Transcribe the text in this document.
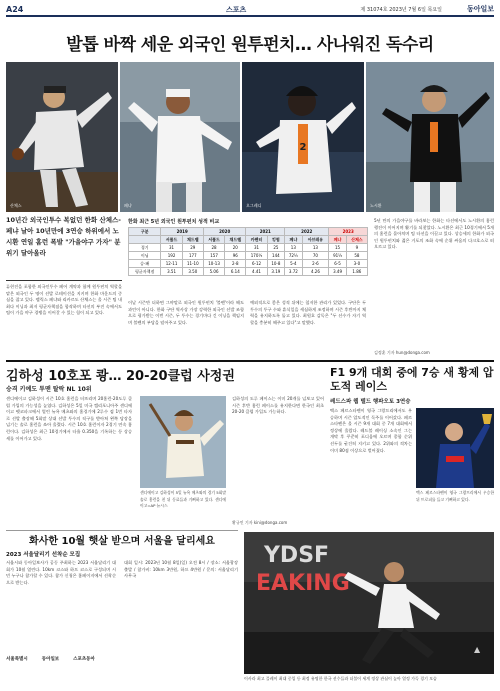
A24	스포츠	제 31074호 2023년 7월 6일 목요일	동아일보
발톱 바짝 세운 외국인 원투펀치… 사나워진 독수리
산체스	페냐
2
오그레디	노시환
10년간 외국인투수 복없던 한화 산체스-페냐 날아 10년만에 3연승 하위에서 노시환 연일 홈런 폭발 "가을야구 가자" 분위기 달아올라
류현진을 포함한 외국인투수 페어 계약과 함께 원투펀치 역할을 맡은 외국인 두 명이 선발 로테이션을 지키며 한화 마운드의 중심을 잡고 있다. 펠릭스 페냐와 리카르도 산체스는 올 시즌 팀 내 최다 이닝과 최저 평균자책점을 합작하며 타선의 부진 속에서도 팀이 가을 야구 경쟁을 이어갈 수 있는 힘이 되고 있다.
한화 최근 5년 외국인 원투펀치 성적 비교
구분	2019		2020		2021		2022		2023	
	서폴드	채드벨	서폴드	채드벨	카펜터	킹험	페냐	아브레유	페냐	산체스
경기	31	29	28	20	31	25	13	13	15	9
이닝	192	177	157	96	170⅓	144	72⅓	70	91⅓	58
승-패	12-11	11-10	10-13	2-8	6-12	10-8	5-4	2-6	6-5	3-0
평균자책점	3.51	3.50	5.06	6.14	4.41	3.19	3.72	4.26	3.49	1.86
이날 시즌만 더하면 그야말로 외국인 원투펀치 '불펜'이라 해도 과언이 아니다. 한화 구단 역사상 가장 강력한 외국인 선발 조합으로 평가받는 이번 시즌, 두 투수는 경기마다 긴 이닝을 책임지며 불펜의 부담을 덜어주고 있다.
예외적으로 좋은 성적 뒤에는 철저한 관리가 있었다. 구단은 두 투수의 투구 수와 휴식일을 세심하게 조정하며 시즌 후반까지 체력을 유지하도록 돕고 있다. 최원호 감독은 "두 선수가 자기 역할을 충분히 해주고 있다"고 말했다.
5년 만의 가을야구를 바라보는 한화는 타선에서도 노시환의 홈런 행진이 이어지며 활기를 되찾았다. 노시환은 최근 10경기에서 5개의 홈런을 몰아치며 팀 타선을 이끌고 있다. 상승세의 한화가 외국인 원투펀치와 젊은 거포의 조화 속에 순위 싸움의 다크호스로 떠오르고 있다.
김정훈 기자 hun@donga.com
김하성 10호포 쾅… 20-20클럽 사정권
승격 키예도 투맨 탈락 NL 10위
샌디에이고 김하성이 시즌 10호 홈런을 터뜨리며 20홈런-20도루 클럽 가입의 가능성을 높였다. 김하성은 5일 미국 캘리포니아주 샌디에이고 펫코파크에서 열린 뉴욕 메츠와의 홈경기에 2루수 겸 1번 타자로 선발 출장해 5회말 상대 선발 투수의 직구를 받아쳐 왼쪽 담장을 넘기는 솔로 홈런을 쏘아 올렸다. 시즌 10호 홈런이자 2경기 연속 홈런이다. 김하성은 최근 10경기에서 타율 0.350을 기록하는 등 상승세를 이어가고 있다.
샌디에이고 김하성이 5일 뉴욕 메츠와의 경기 5회말 솔로 홈런을 친 뒤 동료들과 기뻐하고 있다. 샌디에이고=AP 뉴시스
김하성의 도루 페이스는 이미 20개를 넘보고 있어 시즌 후반 홈런 페이스를 유지한다면 한국인 최초 20-20 클럽 가입도 가능하다.
황규인 기자 kini@donga.com
F1 9개 대회 중에 7승 새 황제 압도적 레이스
레드스파 웹 텔드 행파오토 3연승
맥스 페르스타펜이 영국 그랑프리에서도 우승하며 시즌 압도적인 독주를 이어갔다. 페르스타펜은 올 시즌 9개 대회 중 7개 대회에서 정상에 올랐다. 레드불 레이싱 소속인 그는 개막 후 꾸준히 포디움에 오르며 종합 순위 선두를 굳건히 지키고 있다. 2위와의 격차는 이미 80점 이상으로 벌어졌다.
맥스 페르스타펜이 영국 그랑프리에서 우승한 뒤 트로피를 들고 기뻐하고 있다.
YDSF
EAKING
▲
이사라 최고 플레이 최대 중입 등 최정 유명한 한국 선수들과 더불어 세계 정상 관심이 높아 열정 가득 경기 모습
화사한 10월 햇살 받으며 서울을 달리세요
2023 서울달리기 선착순 모집
서울시와 동아일보사가 공동 주최하는 2023 서울달리기 대회가 10월 열린다. 10km 코스와 하프 코스로 구성되며 시민 누구나 참가할 수 있다. 참가 신청은 홈페이지에서 선착순으로 받는다.
대회 일시: 2023년 10월 8일(일) 오전 8시 / 장소: 서울광장 출발 / 참가비: 10km 3만원, 하프 4만원 / 문의: 서울달리기 사무국
서울특별시	동아일보	스포츠동아
